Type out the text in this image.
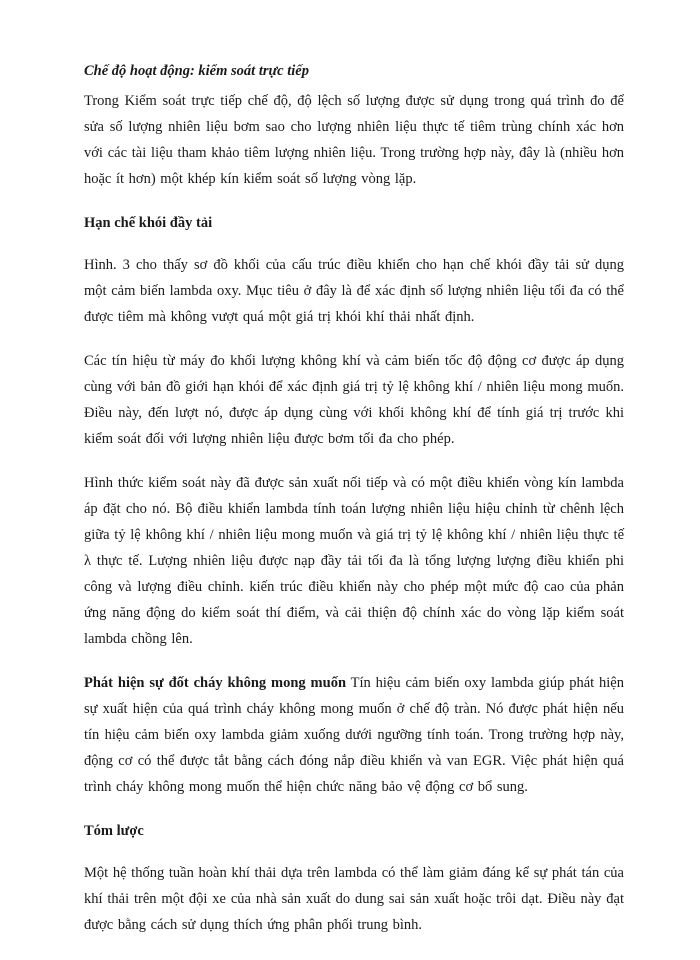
Chế độ hoạt động: kiểm soát trực tiếp

Trong Kiểm soát trực tiếp chế độ, độ lệch số lượng được sử dụng trong quá trình đo để sửa số lượng nhiên liệu bơm sao cho lượng nhiên liệu thực tế tiêm trùng chính xác hơn với các tài liệu tham khảo tiêm lượng nhiên liệu. Trong trường hợp này, đây là (nhiều hơn hoặc ít hơn) một khép kín kiểm soát số lượng vòng lặp.

Hạn chế khói đầy tải

Hình. 3 cho thấy sơ đồ khối của cấu trúc điều khiển cho hạn chế khói đầy tải sử dụng một cảm biến lambda oxy. Mục tiêu ở đây là để xác định số lượng nhiên liệu tối đa có thể được tiêm mà không vượt quá một giá trị khói khí thải nhất định.

Các tín hiệu từ máy đo khối lượng không khí và cảm biến tốc độ động cơ được áp dụng cùng với bản đồ giới hạn khói để xác định giá trị tỷ lệ không khí / nhiên liệu mong muốn. Điều này, đến lượt nó, được áp dụng cùng với khối không khí để tính giá trị trước khi kiểm soát đối với lượng nhiên liệu được bơm tối đa cho phép.

Hình thức kiểm soát này đã được sản xuất nối tiếp và có một điều khiển vòng kín lambda áp đặt cho nó. Bộ điều khiển lambda tính toán lượng nhiên liệu hiệu chỉnh từ chênh lệch giữa tỷ lệ không khí / nhiên liệu mong muốn và giá trị tỷ lệ không khí / nhiên liệu thực tế λ thực tế. Lượng nhiên liệu được nạp đầy tải tối đa là tổng lượng lượng điều khiển phi công và lượng điều chỉnh. kiến trúc điều khiển này cho phép một mức độ cao của phản ứng năng động do kiểm soát thí điểm, và cải thiện độ chính xác do vòng lặp kiểm soát lambda chồng lên.

Phát hiện sự đốt cháy không mong muốn Tín hiệu cảm biến oxy lambda giúp phát hiện sự xuất hiện của quá trình cháy không mong muốn ở chế độ tràn. Nó được phát hiện nếu tín hiệu cảm biến oxy lambda giảm xuống dưới ngưỡng tính toán. Trong trường hợp này, động cơ có thể được tắt bằng cách đóng nắp điều khiển và van EGR. Việc phát hiện quá trình cháy không mong muốn thể hiện chức năng bảo vệ động cơ bổ sung.

Tóm lược

Một hệ thống tuần hoàn khí thải dựa trên lambda có thể làm giảm đáng kể sự phát tán của khí thải trên một đội xe của nhà sản xuất do dung sai sản xuất hoặc trôi dạt. Điều này đạt được bằng cách sử dụng thích ứng phân phối trung bình.
